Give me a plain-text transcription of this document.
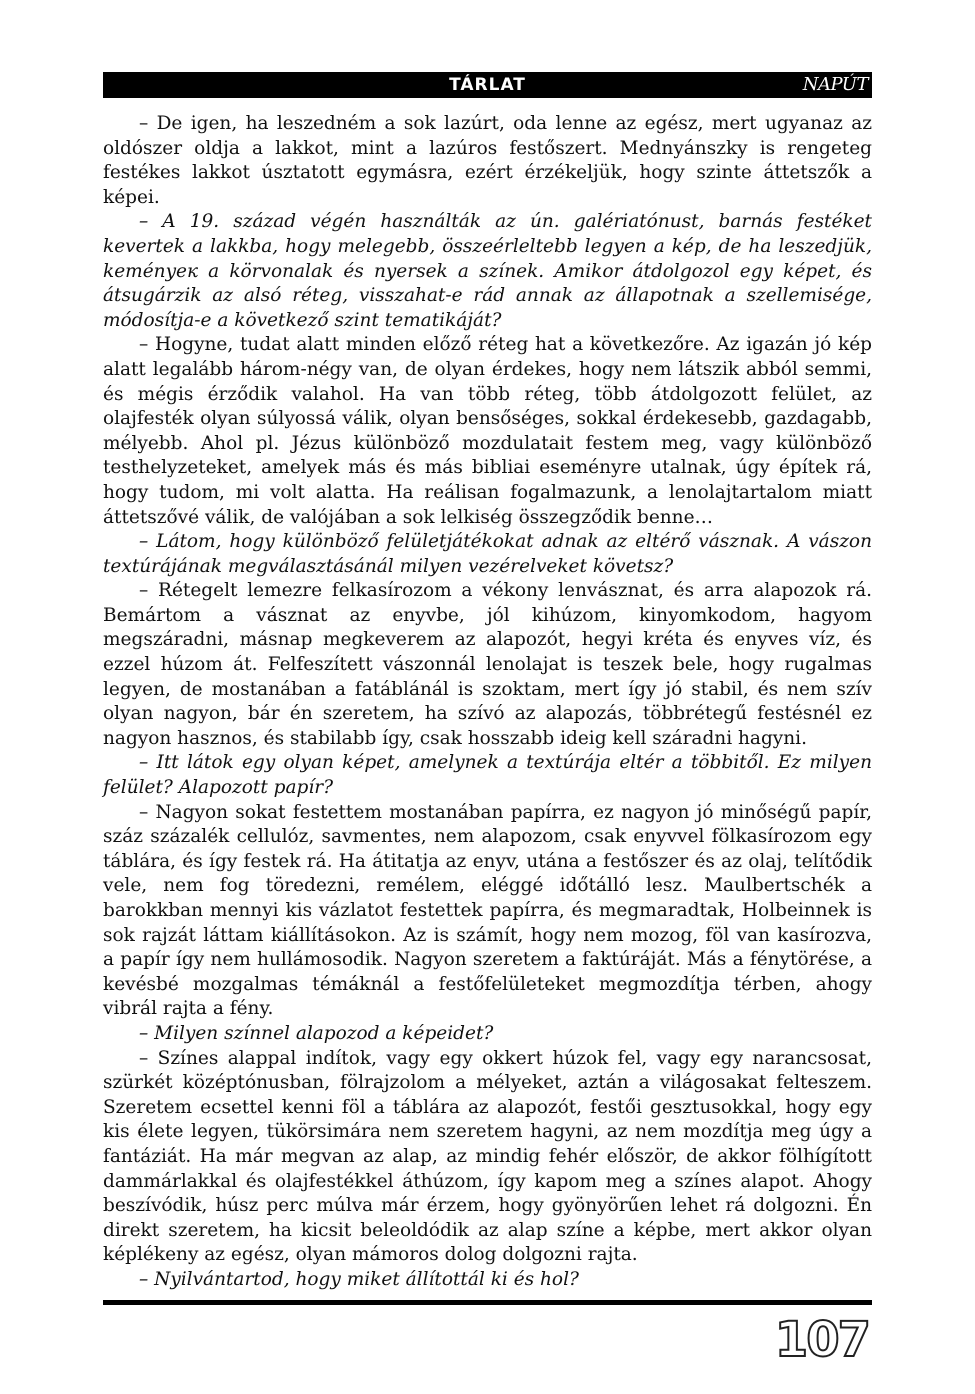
TÁRLAT	NAPÚT

– De igen, ha leszedném a sok lazúrt, oda lenne az egész, mert ugyanaz az oldószer oldja a lakkot, mint a lazúros festőszert. Mednyánszky is rengeteg festékes lakkot úsztatott egymásra, ezért érzékeljük, hogy szinte áttetszők a képei.

– A 19. század végén használták az ún. galériatónust, barnás festéket kevertek a lakkba, hogy melegebb, összeérleltebb legyen a kép, de ha leszedjük, keményeк a körvonalak és nyersek a színek. Amikor átdolgozol egy képet, és átsugárzik az alsó réteg, visszahat-e rád annak az állapotnak a szellemisége, módosítja-e a következő szint tematikáját?

– Hogyne, tudat alatt minden előző réteg hat a következőre. Az igazán jó kép alatt legalább három-négy van, de olyan érdekes, hogy nem látszik abból semmi, és mégis érződik valahol. Ha van több réteg, több átdolgozott felület, az olajfesték olyan súlyossá válik, olyan bensőséges, sokkal érdekesebb, gazdagabb, mélyebb. Ahol pl. Jézus különböző mozdulatait festem meg, vagy különböző testhelyzeteket, amelyek más és más bibliai eseményre utalnak, úgy építek rá, hogy tudom, mi volt alatta. Ha reálisan fogalmazunk, a lenolajtartalom miatt áttetszővé válik, de valójában a sok lelkiség összegződik benne…

– Látom, hogy különböző felületjátékokat adnak az eltérő vásznak. A vászon textúrájának megválasztásánál milyen vezérelveket követsz?

– Rétegelt lemezre felkasírozom a vékony lenvásznat, és arra alapozok rá. Bemártom a vásznat az enyvbe, jól kihúzom, kinyomkodom, hagyom megszáradni, másnap megkeverem az alapozót, hegyi kréta és enyves víz, és ezzel húzom át. Felfeszített vászonnál lenolajat is teszek bele, hogy rugalmas legyen, de mostanában a fatáblánál is szoktam, mert így jó stabil, és nem szív olyan nagyon, bár én szeretem, ha szívó az alapozás, többrétegű festésnél ez nagyon hasznos, és stabilabb így, csak hosszabb ideig kell száradni hagyni.

– Itt látok egy olyan képet, amelynek a textúrája eltér a többitől. Ez milyen felület? Alapozott papír?

– Nagyon sokat festettem mostanában papírra, ez nagyon jó minőségű papír, száz százalék cellulóz, savmentes, nem alapozom, csak enyvvel fölkasírozom egy táblára, és így festek rá. Ha átitatja az enyv, utána a festőszer és az olaj, telítődik vele, nem fog töredezni, remélem, eléggé időtálló lesz. Maulbertschék a barokkban mennyi kis vázlatot festettek papírra, és megmaradtak, Holbeinnek is sok rajzát láttam kiállításokon. Az is számít, hogy nem mozog, föl van kasírozva, a papír így nem hullámosodik. Nagyon szeretem a faktúráját. Más a fénytörése, a kevésbé mozgalmas témáknál a festőfelületeket megmozdítja térben, ahogy vibrál rajta a fény.

– Milyen színnel alapozod a képeidet?

– Színes alappal indítok, vagy egy okkert húzok fel, vagy egy narancsosat, szürkét középtónusban, fölrajzolom a mélyeket, aztán a világosakat felteszem. Szeretem ecsettel kenni föl a táblára az alapozót, festői gesztusokkal, hogy egy kis élete legyen, tükörsimára nem szeretem hagyni, az nem mozdítja meg úgy a fantáziát. Ha már megvan az alap, az mindig fehér először, de akkor fölhígított dammárlakkal és olajfestékkel áthúzom, így kapom meg a színes alapot. Ahogy beszívódik, húsz perc múlva már érzem, hogy gyönyörűen lehet rá dolgozni. Én direkt szeretem, ha kicsit beleoldódik az alap színe a képbe, mert akkor olyan képlékeny az egész, olyan mámoros dolog dolgozni rajta.

– Nyilvántartod, hogy miket állítottál ki és hol?

107
